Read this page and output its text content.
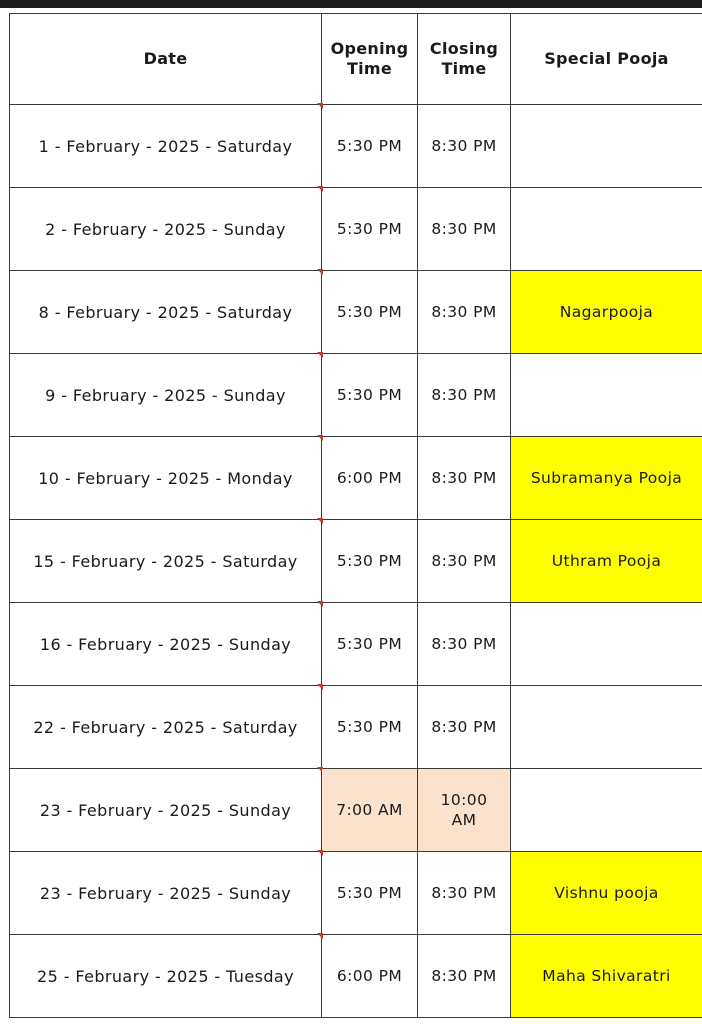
Date	Opening Time	Closing Time	Special Pooja
1 - February - 2025 - Saturday	5:30 PM	8:30 PM	
2 - February - 2025 - Sunday	5:30 PM	8:30 PM	
8 - February - 2025 - Saturday	5:30 PM	8:30 PM	Nagarpooja
9 - February - 2025 - Sunday	5:30 PM	8:30 PM	
10 - February - 2025 - Monday	6:00 PM	8:30 PM	Subramanya Pooja
15 - February - 2025 - Saturday	5:30 PM	8:30 PM	Uthram Pooja
16 - February - 2025 - Sunday	5:30 PM	8:30 PM	
22 - February - 2025 - Saturday	5:30 PM	8:30 PM	
23 - February - 2025 - Sunday	7:00 AM	10:00 AM	
23 - February - 2025 - Sunday	5:30 PM	8:30 PM	Vishnu pooja
25 - February - 2025 - Tuesday	6:00 PM	8:30 PM	Maha Shivaratri
